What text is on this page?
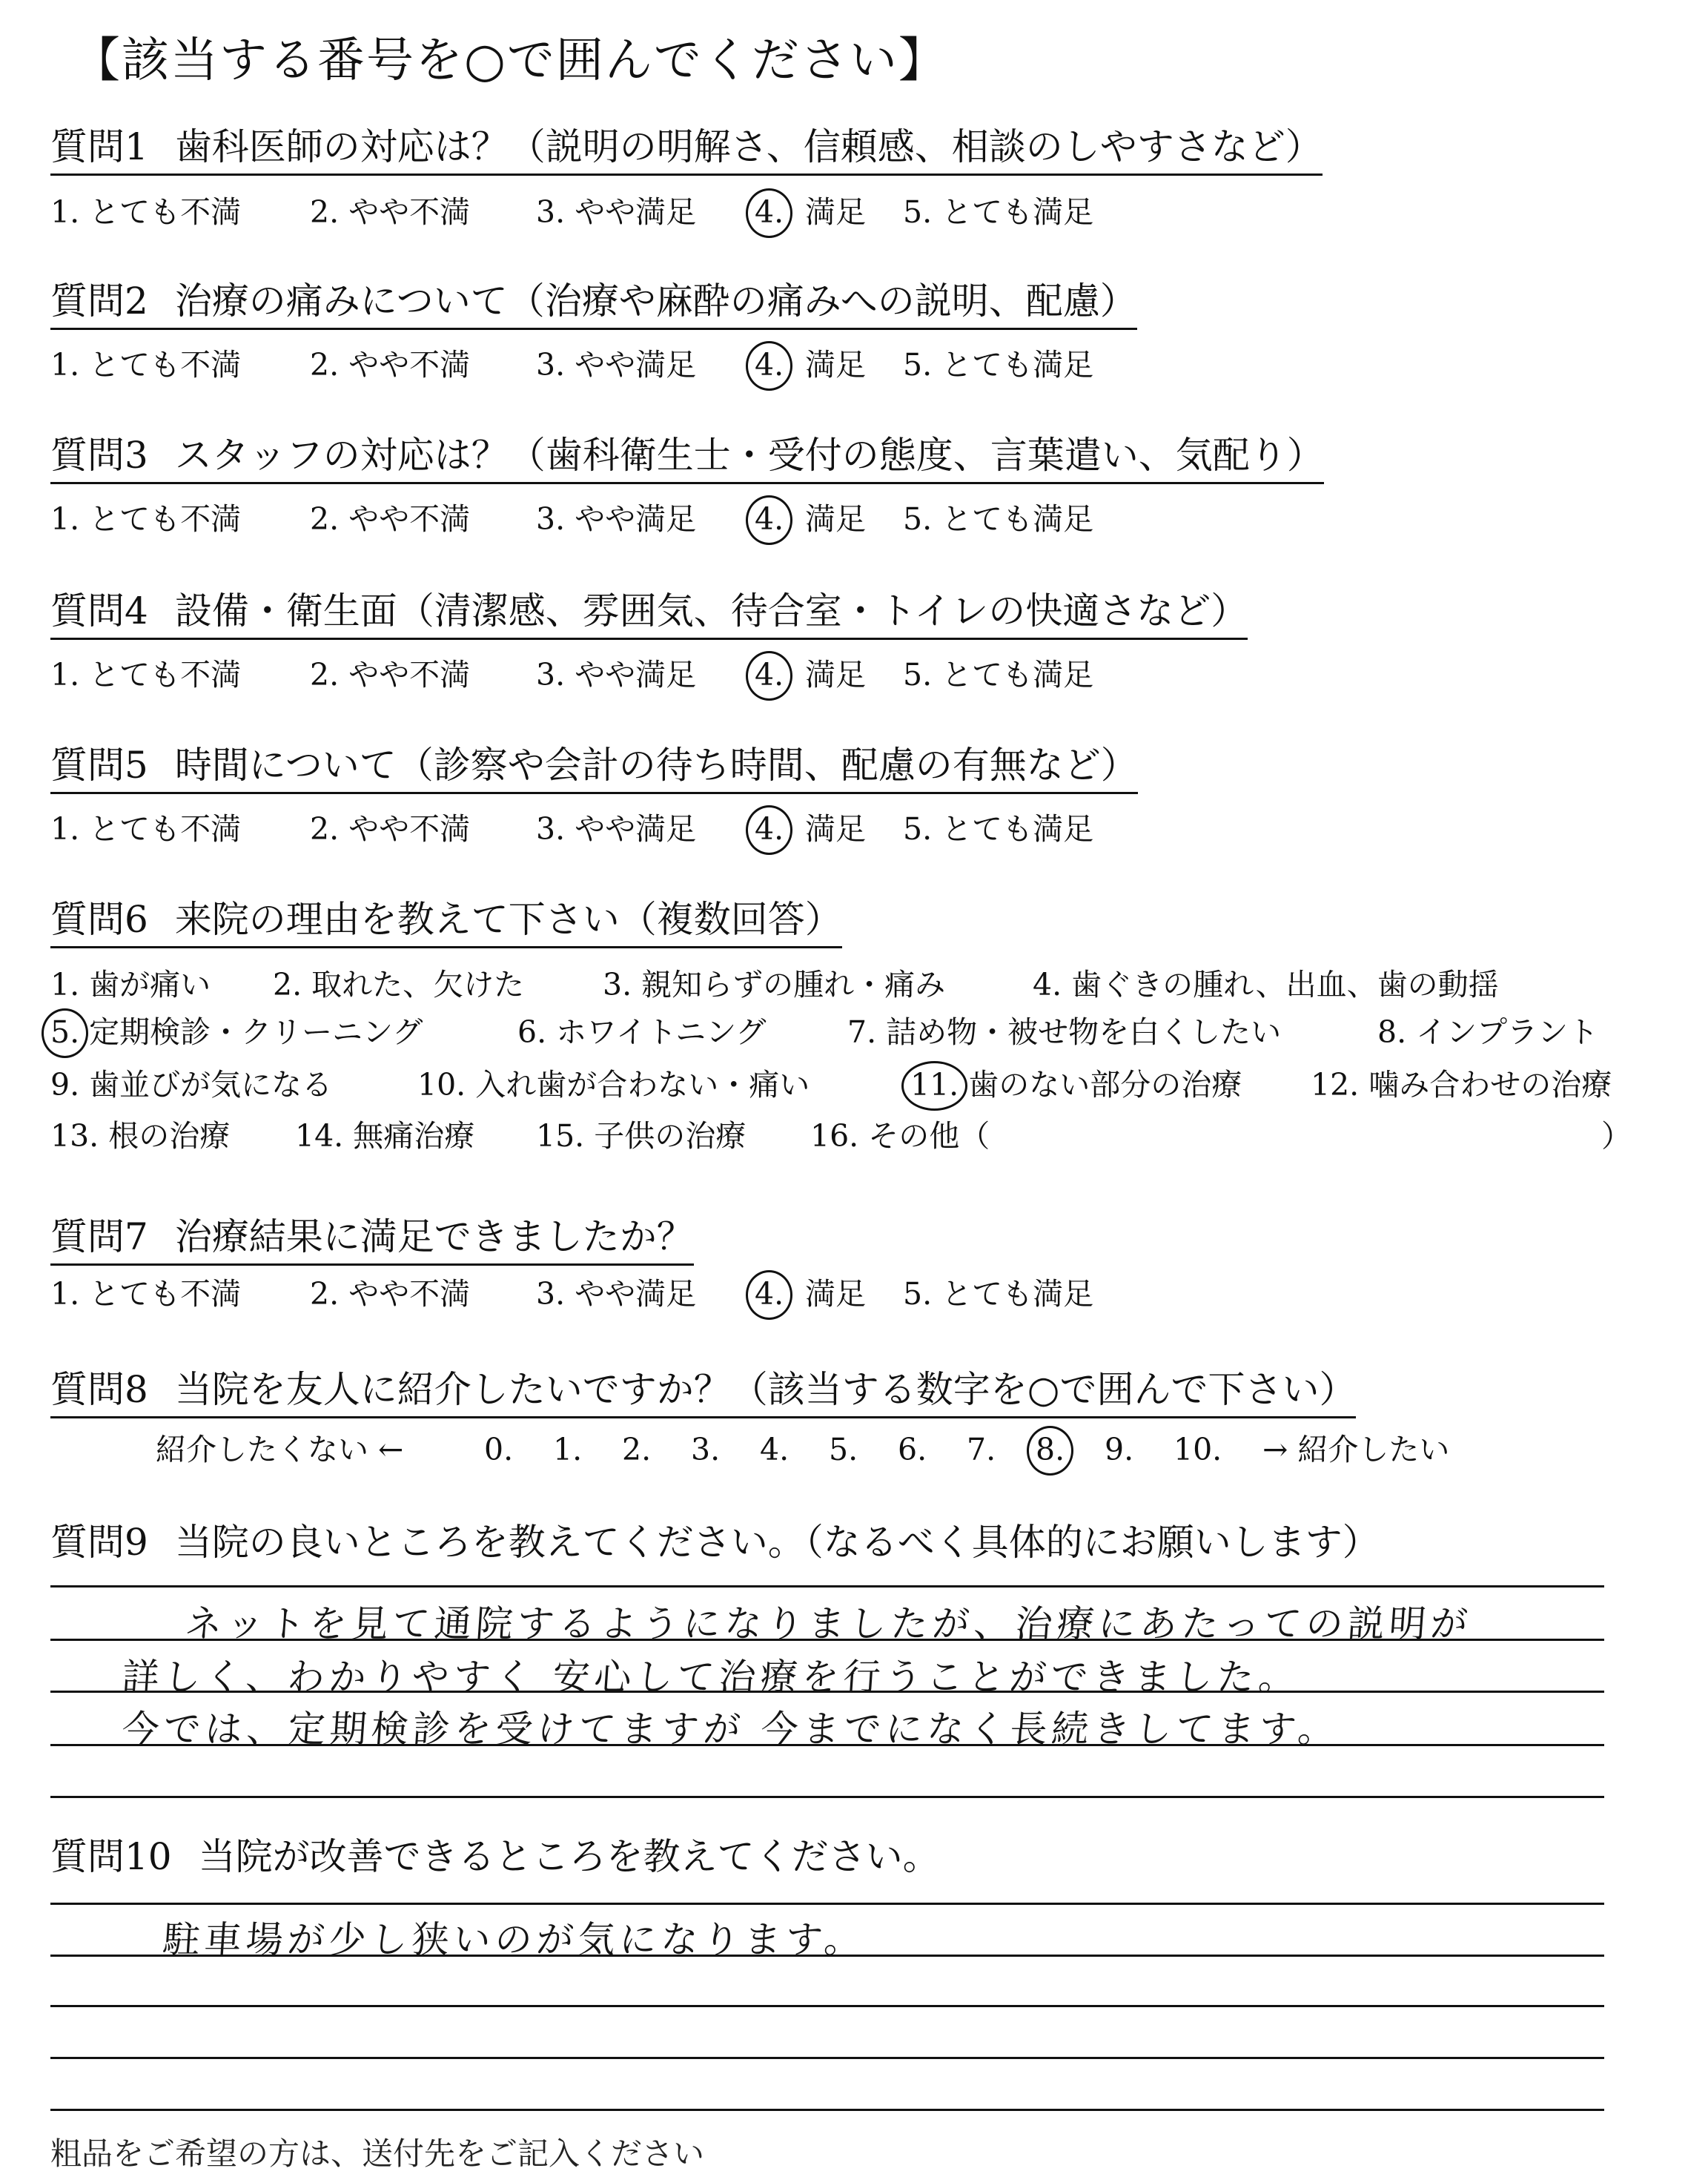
【該当する番号を○で囲んでください】
質問1 歯科医師の対応は？（説明の明解さ、信頼感、相談のしやすさなど）
1. とても不満 2. やや不満 3. やや満足 4. 満足 5. とても満足
質問2 治療の痛みについて（治療や麻酔の痛みへの説明、配慮）
1. とても不満 2. やや不満 3. やや満足 4. 満足 5. とても満足
質問3 スタッフの対応は？（歯科衛生士・受付の態度、言葉遣い、気配り）
1. とても不満 2. やや不満 3. やや満足 4. 満足 5. とても満足
質問4 設備・衛生面（清潔感、雰囲気、待合室・トイレの快適さなど）
1. とても不満 2. やや不満 3. やや満足 4. 満足 5. とても満足
質問5 時間について（診察や会計の待ち時間、配慮の有無など）
1. とても不満 2. やや不満 3. やや満足 4. 満足 5. とても満足
質問6 来院の理由を教えて下さい（複数回答）
1. 歯が痛い 2. 取れた、欠けた	3. 親知らずの腫れ・痛み	4. 歯ぐきの腫れ、出血、歯の動揺
5. 定期検診・クリーニング	6. ホワイトニング	7. 詰め物・被せ物を白くしたい	8. インプラント
9. 歯並びが気になる	10. 入れ歯が合わない・痛い	11. 歯のない部分の治療 12. 噛み合わせの治療
13. 根の治療 14. 無痛治療 15. 子供の治療 16. その他（	）
質問7 治療結果に満足できましたか？
1. とても不満 2. やや不満 3. やや満足 4. 満足 5. とても満足
質問8 当院を友人に紹介したいですか？（該当する数字を○で囲んで下さい）
紹介したくない ←	0. 1. 2. 3. 4. 5. 6. 7. 8. 9. 10. → 紹介したい
質問9 当院の良いところを教えてください。（なるべく具体的にお願いします）
ネットを見て通院するようになりましたが、治療にあたっての説明が
詳しく、わかりやすく 安心して治療を行うことができました。
今では、定期検診を受けてますが 今までになく長続きしてます。
質問10 当院が改善できるところを教えてください。
駐車場が少し狭いのが気になります。
粗品をご希望の方は、送付先をご記入ください
